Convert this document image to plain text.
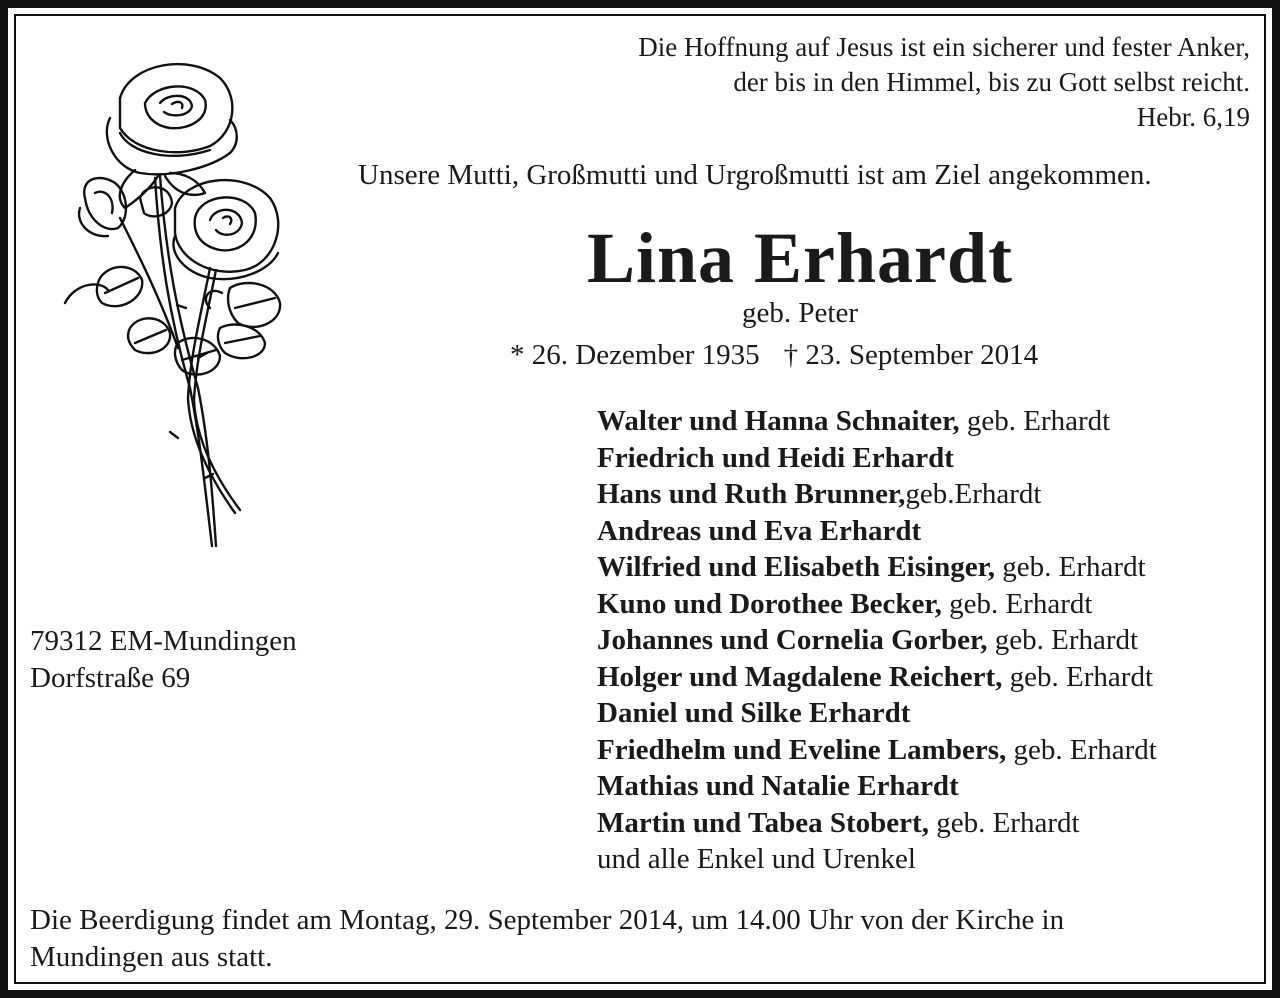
Die Hoffnung auf Jesus ist ein sicherer und fester Anker,
der bis in den Himmel, bis zu Gott selbst reicht.
Hebr. 6,19
Unsere Mutti, Großmutti und Urgroßmutti ist am Ziel angekommen.
Lina Erhardt
geb. Peter
* 26. Dezember 1935 † 23. September 2014
Walter und Hanna Schnaiter, geb. Erhardt
Friedrich und Heidi Erhardt
Hans und Ruth Brunner,geb.Erhardt
Andreas und Eva Erhardt
Wilfried und Elisabeth Eisinger, geb. Erhardt
Kuno und Dorothee Becker, geb. Erhardt
Johannes und Cornelia Gorber, geb. Erhardt
Holger und Magdalene Reichert, geb. Erhardt
Daniel und Silke Erhardt
Friedhelm und Eveline Lambers, geb. Erhardt
Mathias und Natalie Erhardt
Martin und Tabea Stobert, geb. Erhardt
und alle Enkel und Urenkel
79312 EM-Mundingen
Dorfstraße 69
Die Beerdigung findet am Montag, 29. September 2014, um 14.00 Uhr von der Kirche in
Mundingen aus statt.
